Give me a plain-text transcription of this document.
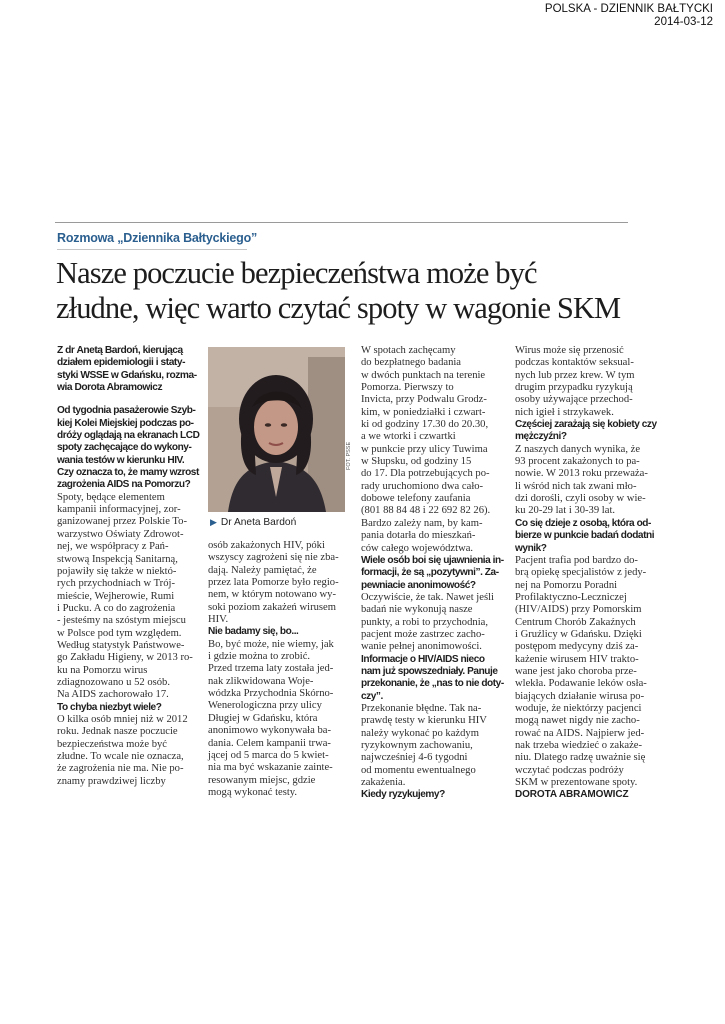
POLSKA - DZIENNIK BAŁTYCKI
2014-03-12
Rozmowa „Dziennika Bałtyckiego”
Nasze poczucie bezpieczeństwa może być
złudne, więc warto czytać spoty w wagonie SKM

Z dr Anetą Bardoń, kierującą

działem epidemiologii i staty-

styki WSSE w Gdańsku, rozma-

wia Dorota Abramowicz

Od tygodnia pasażerowie Szyb-

kiej Kolei Miejskiej podczas po-

dróży oglądają na ekranach LCD

spoty zachęcające do wykony-

wania testów w kierunku HIV.

Czy oznacza to, że mamy wzrost

zagrożenia AIDS na Pomorzu?

Spoty, będące elementem

kampanii informacyjnej, zor-

ganizowanej przez Polskie To-

warzystwo Oświaty Zdrowot-

nej, we współpracy z Pań-

stwową Inspekcją Sanitarną,

pojawiły się także w niektó-

rych przychodniach w Trój-

mieście, Wejherowie, Rumi

i Pucku. A co do zagrożenia

- jesteśmy na szóstym miejscu

w Polsce pod tym względem.

Według statystyk Państwowe-

go Zakładu Higieny, w 2013 ro-

ku na Pomorzu wirus

zdiagnozowano u 52 osób.

Na AIDS zachorowało 17.

To chyba niezbyt wiele?

O kilka osób mniej niż w 2012

roku. Jednak nasze poczucie

bezpieczeństwa może być

złudne. To wcale nie oznacza,

że zagrożenia nie ma. Nie po-

znamy prawdziwej liczby

FOT. PSSE
▶ Dr Aneta Bardoń

osób zakażonych HIV, póki

wszyscy zagrożeni się nie zba-

dają. Należy pamiętać, że

przez lata Pomorze było regio-

nem, w którym notowano wy-

soki poziom zakażeń wirusem

HIV.

Nie badamy się, bo...

Bo, być może, nie wiemy, jak

i gdzie można to zrobić.

Przed trzema laty została jed-

nak zlikwidowana Woje-

wódzka Przychodnia Skórno-

Wenerologiczna przy ulicy

Długiej w Gdańsku, która

anonimowo wykonywała ba-

dania. Celem kampanii trwa-

jącej od 5 marca do 5 kwiet-

nia ma być wskazanie zainte-

resowanym miejsc, gdzie

mogą wykonać testy.

W spotach zachęcamy

do bezpłatnego badania

w dwóch punktach na terenie

Pomorza. Pierwszy to

Invicta, przy Podwalu Grodz-

kim, w poniedziałki i czwart-

ki od godziny 17.30 do 20.30,

a we wtorki i czwartki

w punkcie przy ulicy Tuwima

w Słupsku, od godziny 15

do 17. Dla potrzebujących po-

rady uruchomiono dwa cało-

dobowe telefony zaufania

(801 88 84 48 i 22 692 82 26).

Bardzo zależy nam, by kam-

pania dotarła do mieszkań-

ców całego województwa.

Wiele osób boi się ujawnienia in-

formacji, że są „pozytywni”. Za-

pewniacie anonimowość?

Oczywiście, że tak. Nawet jeśli

badań nie wykonują nasze

punkty, a robi to przychodnia,

pacjent może zastrzec zacho-

wanie pełnej anonimowości.

Informacje o HIV/AIDS nieco

nam już spowszedniały. Panuje

przekonanie, że „nas to nie doty-

czy”.

Przekonanie błędne. Tak na-

prawdę testy w kierunku HIV

należy wykonać po każdym

ryzykownym zachowaniu,

najwcześniej 4-6 tygodni

od momentu ewentualnego

zakażenia.

Kiedy ryzykujemy?

Wirus może się przenosić

podczas kontaktów seksual-

nych lub przez krew. W tym

drugim przypadku ryzykują

osoby używające przechod-

nich igieł i strzykawek.

Częściej zarażają się kobiety czy

mężczyźni?

Z naszych danych wynika, że

93 procent zakażonych to pa-

nowie. W 2013 roku przeważa-

li wśród nich tak zwani mło-

dzi dorośli, czyli osoby w wie-

ku 20-29 lat i 30-39 lat.

Co się dzieje z osobą, która od-

bierze w punkcie badań dodatni

wynik?

Pacjent trafia pod bardzo do-

brą opiekę specjalistów z jedy-

nej na Pomorzu Poradni

Profilaktyczno-Leczniczej

(HIV/AIDS) przy Pomorskim

Centrum Chorób Zakaźnych

i Gruźlicy w Gdańsku. Dzięki

postępom medycyny dziś za-

każenie wirusem HIV trakto-

wane jest jako choroba prze-

wlekła. Podawanie leków osła-

biających działanie wirusa po-

woduje, że niektórzy pacjenci

mogą nawet nigdy nie zacho-

rować na AIDS. Najpierw jed-

nak trzeba wiedzieć o zakaże-

niu. Dlatego radzę uważnie się

wczytać podczas podróży

SKM w prezentowane spoty.

DOROTA ABRAMOWICZ
